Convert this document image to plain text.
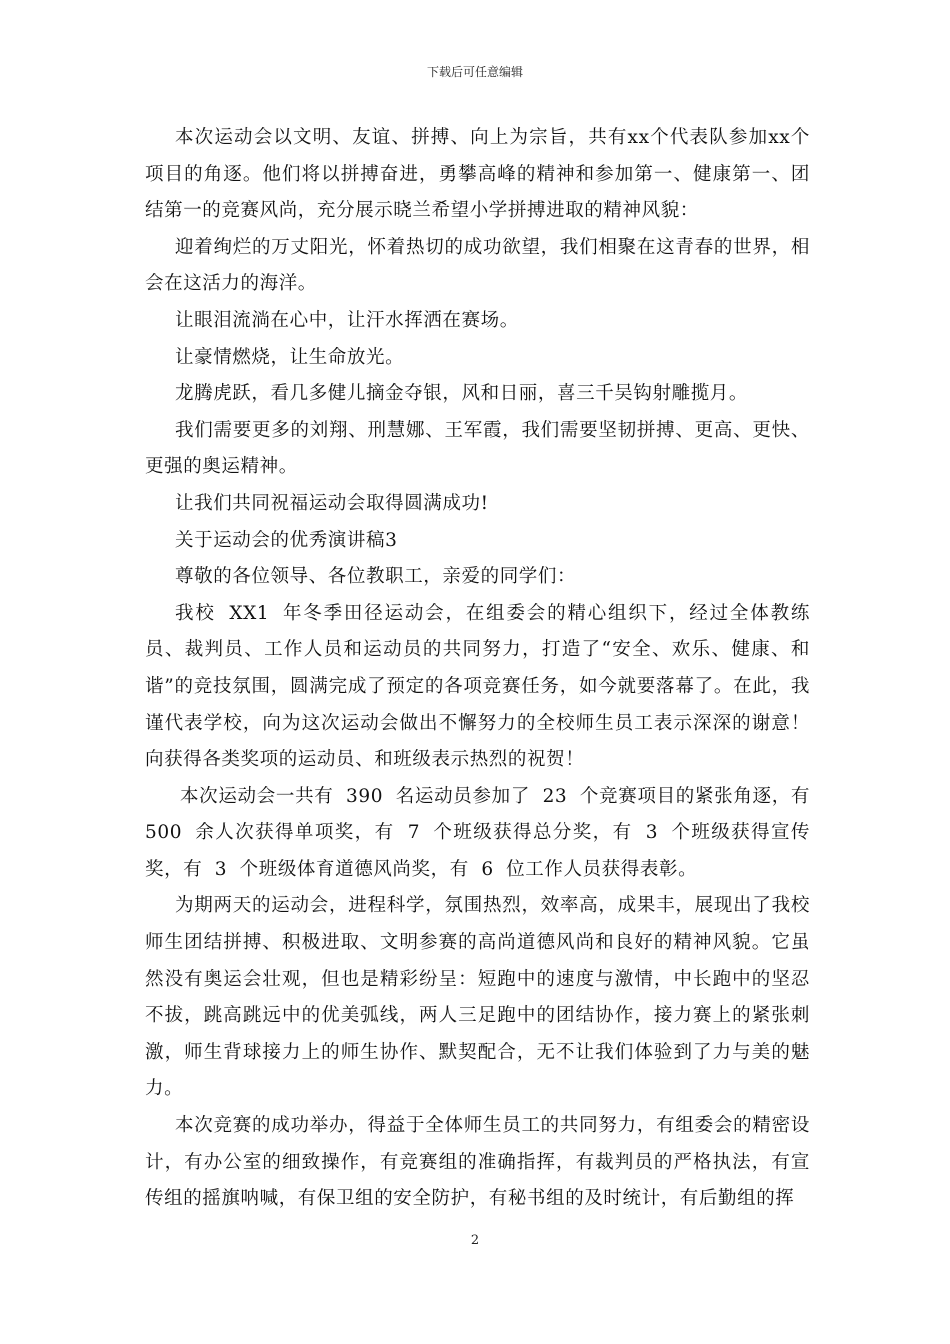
下载后可任意编辑

本次运动会以文明、友谊、拼搏、向上为宗旨，共有xx个代表队参加xx个项目的角逐。他们将以拼搏奋进，勇攀高峰的精神和参加第一、健康第一、团结第一的竞赛风尚，充分展示晓兰希望小学拼搏进取的精神风貌：

迎着绚烂的万丈阳光，怀着热切的成功欲望，我们相聚在这青春的世界，相会在这活力的海洋。

让眼泪流淌在心中，让汗水挥洒在赛场。

让豪情燃烧，让生命放光。

龙腾虎跃，看几多健儿摘金夺银，风和日丽，喜三千吴钩射雕揽月。

我们需要更多的刘翔、刑慧娜、王军霞，我们需要坚韧拼搏、更高、更快、更强的奥运精神。

让我们共同祝福运动会取得圆满成功!

关于运动会的优秀演讲稿3

尊敬的各位领导、各位教职工，亲爱的同学们：

我校 XX1 年冬季田径运动会，在组委会的精心组织下，经过全体教练员、裁判员、工作人员和运动员的共同努力，打造了“安全、欢乐、健康、和谐”的竞技氛围，圆满完成了预定的各项竞赛任务，如今就要落幕了。在此，我谨代表学校，向为这次运动会做出不懈努力的全校师生员工表示深深的谢意！向获得各类奖项的运动员、和班级表示热烈的祝贺！

本次运动会一共有 390 名运动员参加了 23 个竞赛项目的紧张角逐，有500 余人次获得单项奖，有 7 个班级获得总分奖，有 3 个班级获得宣传奖，有 3 个班级体育道德风尚奖，有 6 位工作人员获得表彰。

为期两天的运动会，进程科学，氛围热烈，效率高，成果丰，展现出了我校师生团结拼搏、积极进取、文明参赛的高尚道德风尚和良好的精神风貌。它虽然没有奥运会壮观，但也是精彩纷呈：短跑中的速度与激情，中长跑中的坚忍不拔，跳高跳远中的优美弧线，两人三足跑中的团结协作，接力赛上的紧张刺激，师生背球接力上的师生协作、默契配合，无不让我们体验到了力与美的魅力。

本次竞赛的成功举办，得益于全体师生员工的共同努力，有组委会的精密设计，有办公室的细致操作，有竞赛组的准确指挥，有裁判员的严格执法，有宣传组的摇旗呐喊，有保卫组的安全防护，有秘书组的及时统计，有后勤组的挥

2
